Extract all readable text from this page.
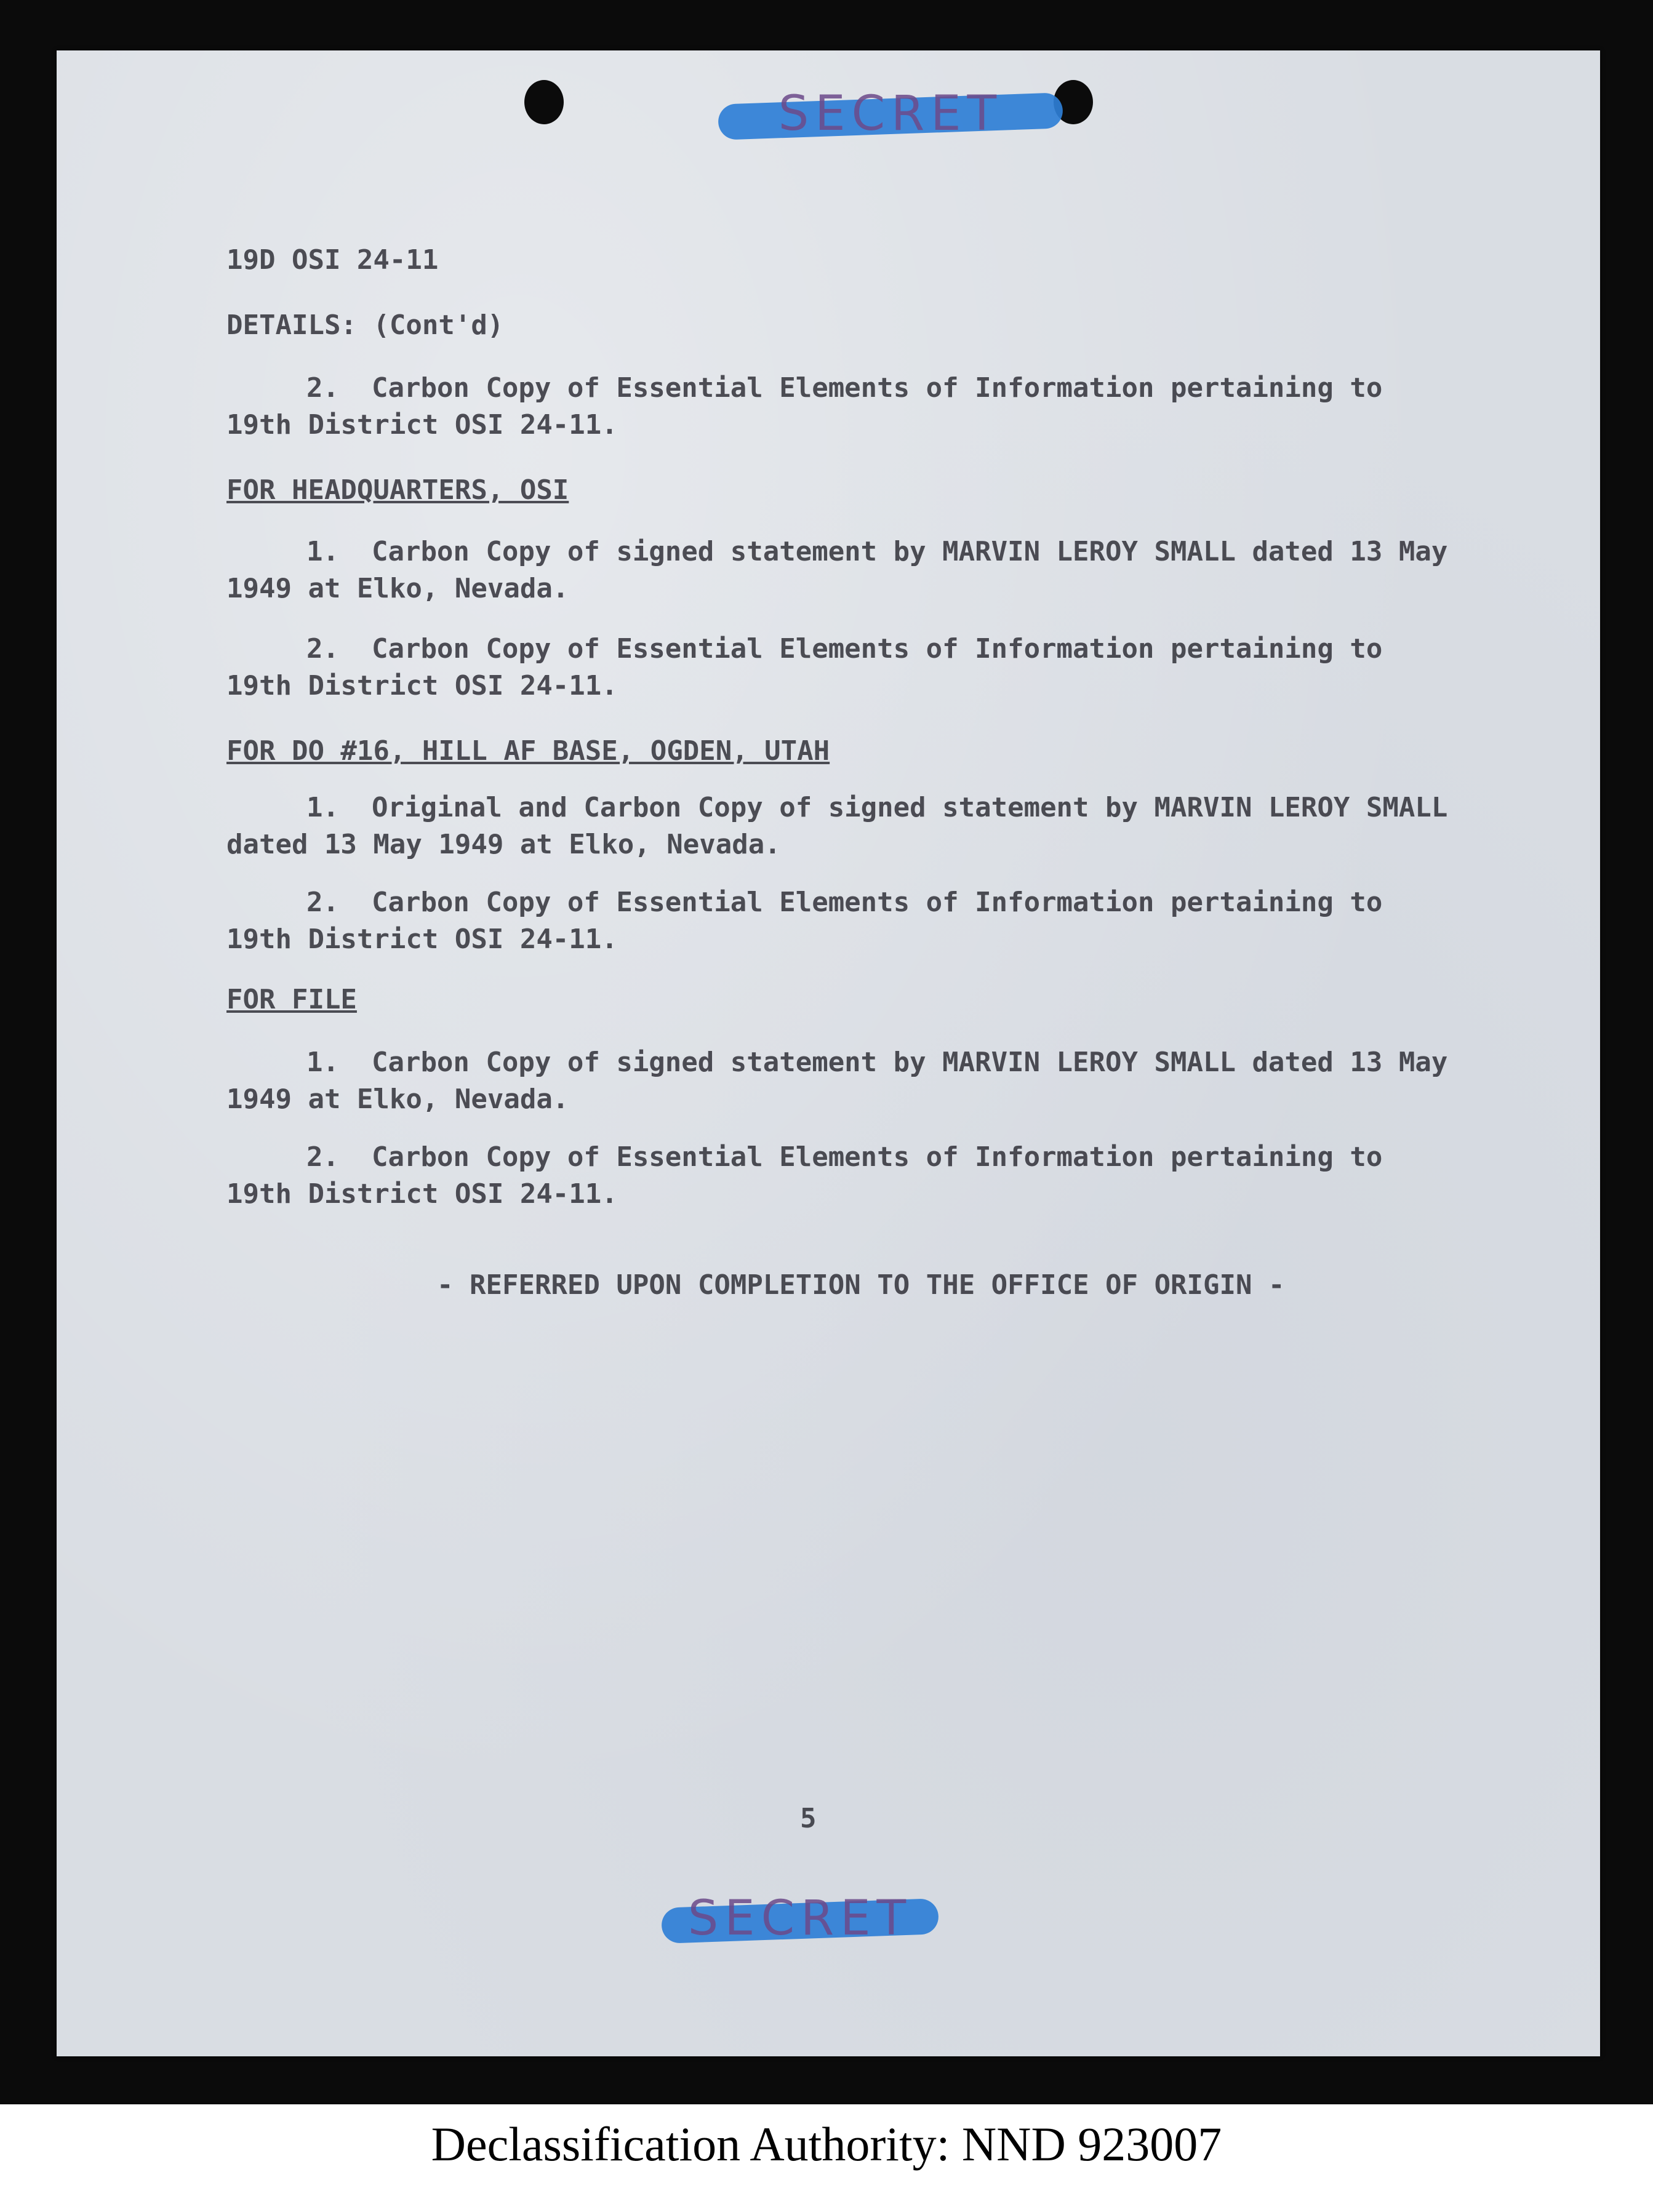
SECRET
19D OSI 24-11
DETAILS: (Cont'd)
2. Carbon Copy of Essential Elements of Information pertaining to
19th District OSI 24-11.
FOR HEADQUARTERS, OSI
1. Carbon Copy of signed statement by MARVIN LEROY SMALL dated 13 May
1949 at Elko, Nevada.
2. Carbon Copy of Essential Elements of Information pertaining to
19th District OSI 24-11.
FOR DO #16, HILL AF BASE, OGDEN, UTAH
1. Original and Carbon Copy of signed statement by MARVIN LEROY SMALL
dated 13 May 1949 at Elko, Nevada.
2. Carbon Copy of Essential Elements of Information pertaining to
19th District OSI 24-11.
FOR FILE
1. Carbon Copy of signed statement by MARVIN LEROY SMALL dated 13 May
1949 at Elko, Nevada.
2. Carbon Copy of Essential Elements of Information pertaining to
19th District OSI 24-11.
- REFERRED UPON COMPLETION TO THE OFFICE OF ORIGIN -
5
SECRET
Declassification Authority: NND 923007
